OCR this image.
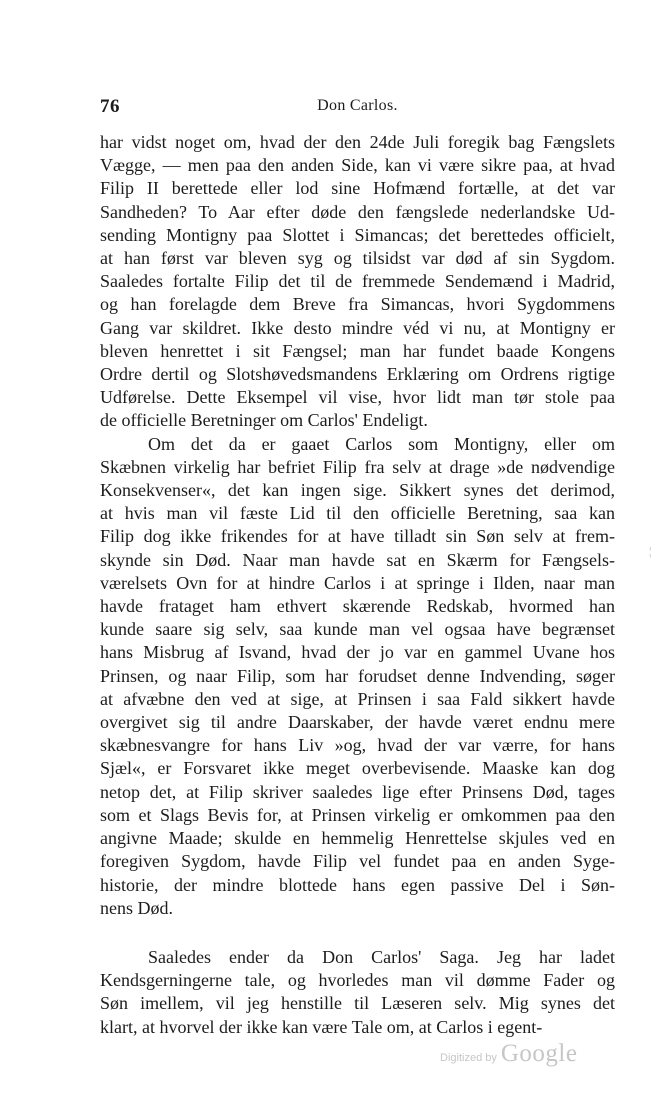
76	Don Carlos.
har vidst noget om, hvad der den 24de Juli foregik bag Fængslets
Vægge, — men paa den anden Side, kan vi være sikre paa, at hvad
Filip II berettede eller lod sine Hofmænd fortælle, at det var
Sandheden? To Aar efter døde den fængslede nederlandske Ud-
sending Montigny paa Slottet i Simancas; det berettedes officielt,
at han først var bleven syg og tilsidst var død af sin Sygdom.
Saaledes fortalte Filip det til de fremmede Sendemænd i Madrid,
og han forelagde dem Breve fra Simancas, hvori Sygdommens
Gang var skildret. Ikke desto mindre véd vi nu, at Montigny er
bleven henrettet i sit Fængsel; man har fundet baade Kongens
Ordre dertil og Slotshøvedsmandens Erklæring om Ordrens rigtige
Udførelse. Dette Eksempel vil vise, hvor lidt man tør stole paa
de officielle Beretninger om Carlos' Endeligt.
Om det da er gaaet Carlos som Montigny, eller om
Skæbnen virkelig har befriet Filip fra selv at drage »de nødvendige
Konsekvenser«, det kan ingen sige. Sikkert synes det derimod,
at hvis man vil fæste Lid til den officielle Beretning, saa kan
Filip dog ikke frikendes for at have tilladt sin Søn selv at frem-
skynde sin Død. Naar man havde sat en Skærm for Fængsels-
værelsets Ovn for at hindre Carlos i at springe i Ilden, naar man
havde frataget ham ethvert skærende Redskab, hvormed han
kunde saare sig selv, saa kunde man vel ogsaa have begrænset
hans Misbrug af Isvand, hvad der jo var en gammel Uvane hos
Prinsen, og naar Filip, som har forudset denne Indvending, søger
at afvæbne den ved at sige, at Prinsen i saa Fald sikkert havde
overgivet sig til andre Daarskaber, der havde været endnu mere
skæbnesvangre for hans Liv »og, hvad der var værre, for hans
Sjæl«, er Forsvaret ikke meget overbevisende. Maaske kan dog
netop det, at Filip skriver saaledes lige efter Prinsens Død, tages
som et Slags Bevis for, at Prinsen virkelig er omkommen paa den
angivne Maade; skulde en hemmelig Henrettelse skjules ved en
foregiven Sygdom, havde Filip vel fundet paa en anden Syge-
historie, der mindre blottede hans egen passive Del i Søn-
nens Død.
Saaledes ender da Don Carlos' Saga. Jeg har ladet
Kendsgerningerne tale, og hvorledes man vil dømme Fader og
Søn imellem, vil jeg henstille til Læseren selv. Mig synes det
klart, at hvorvel der ikke kan være Tale om, at Carlos i egent-
¦
Digitized by Google
